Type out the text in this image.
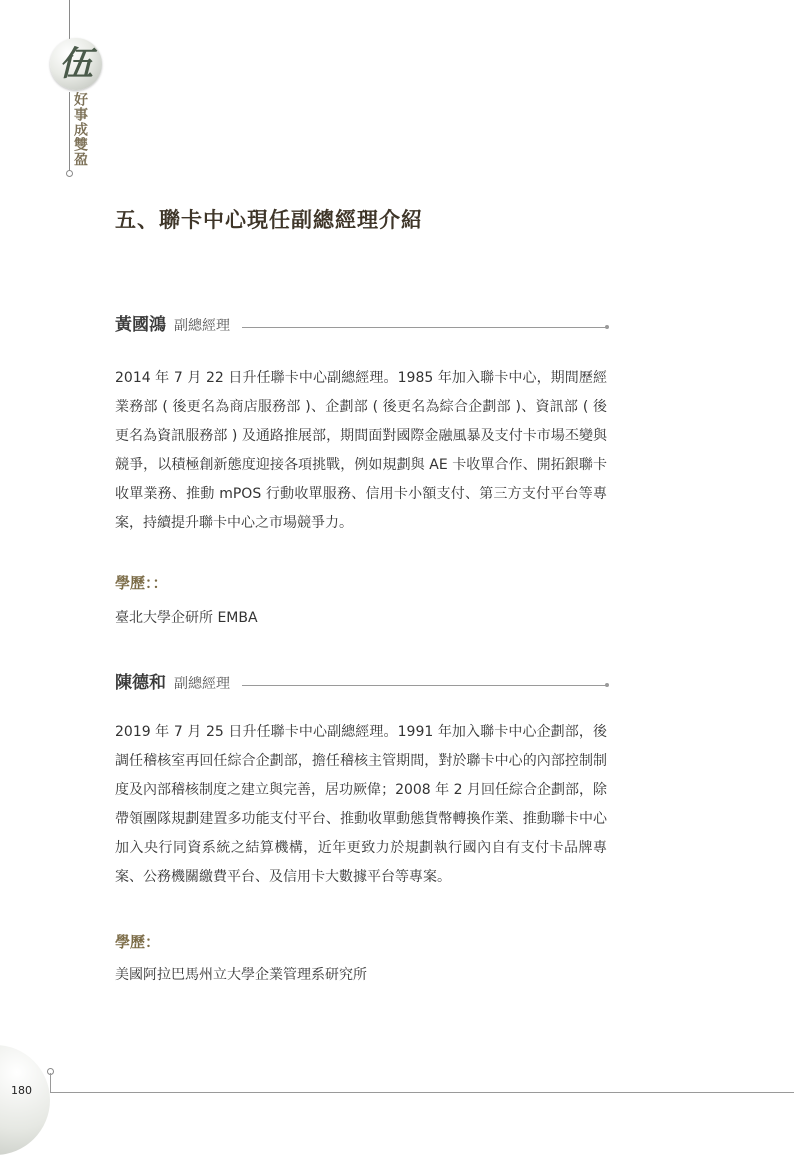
伍
好事成雙盈
五、聯卡中心現任副總經理介紹
黃國鴻 副總經理

2014 年 7 月 22 日升任聯卡中心副總經理。1985 年加入聯卡中心，期間歷經業務部 ( 後更名為商店服務部 )、企劃部 ( 後更名為綜合企劃部 )、資訊部 ( 後更名為資訊服務部 ) 及通路推展部，期間面對國際金融風暴及支付卡市場丕變與競爭，以積極創新態度迎接各項挑戰，例如規劃與 AE 卡收單合作、開拓銀聯卡收單業務、推動 mPOS 行動收單服務、信用卡小額支付、第三方支付平台等專案，持續提升聯卡中心之市場競爭力。

學歷：：

臺北大學企研所 EMBA

陳德和 副總經理

2019 年 7 月 25 日升任聯卡中心副總經理。1991 年加入聯卡中心企劃部，後調任稽核室再回任綜合企劃部，擔任稽核主管期間，對於聯卡中心的內部控制制度及內部稽核制度之建立與完善，居功厥偉；2008 年 2 月回任綜合企劃部，除帶領團隊規劃建置多功能支付平台、推動收單動態貨幣轉換作業、推動聯卡中心加入央行同資系統之結算機構，近年更致力於規劃執行國內自有支付卡品牌專案、公務機關繳費平台、及信用卡大數據平台等專案。

學歷：

美國阿拉巴馬州立大學企業管理系研究所

180
